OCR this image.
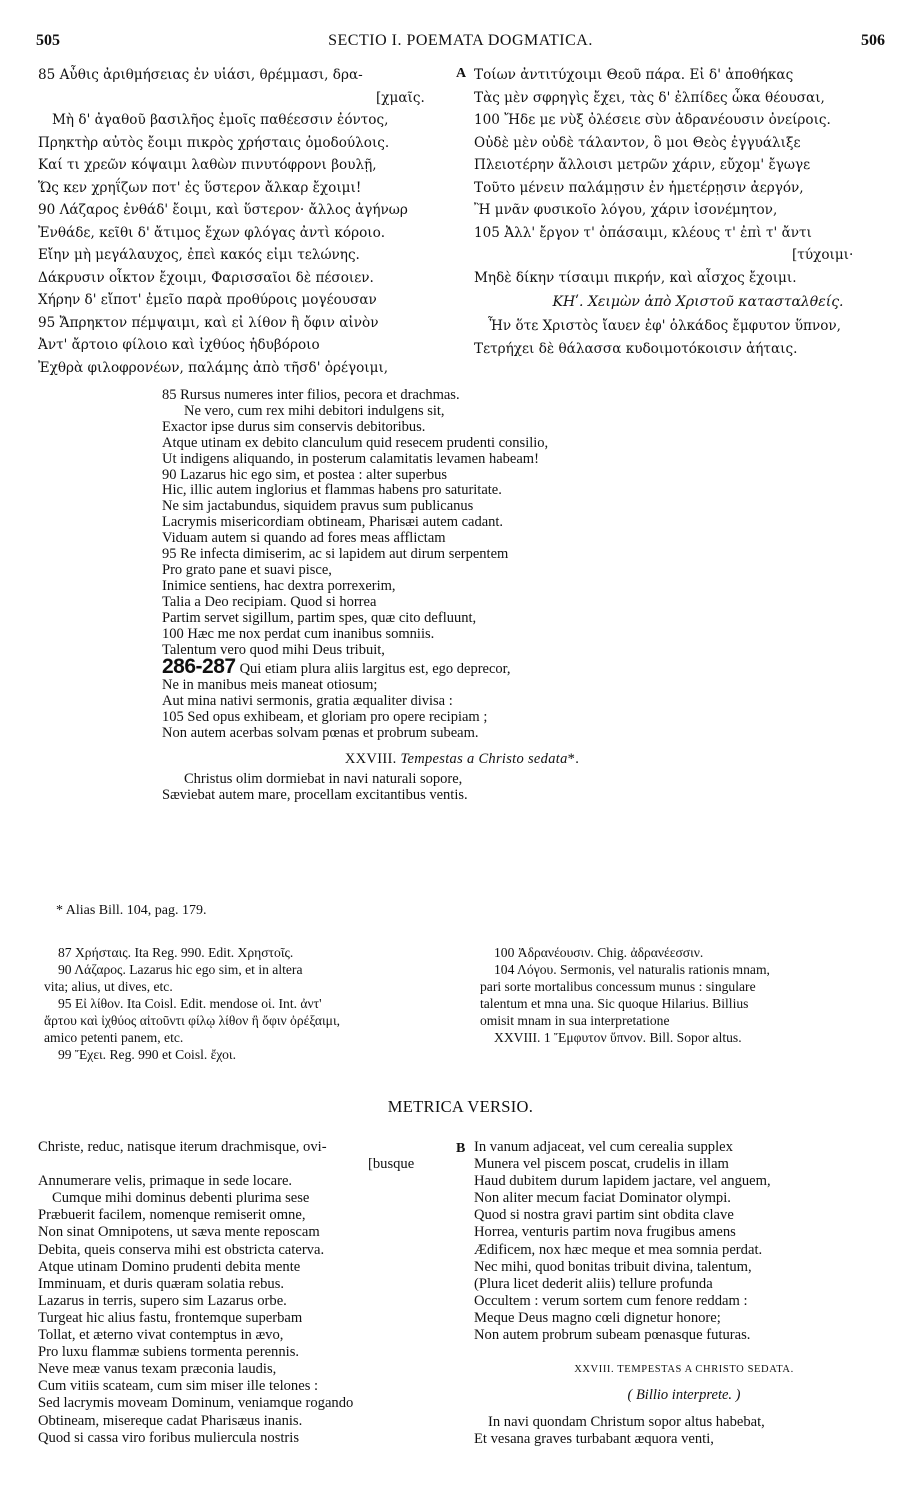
505	SECTIO I. POEMATA DOGMATICA.	506
85 Αὖθις ἀριθμήσειας ἐν υἱάσι, θρέμμασι, δρα-
[χμαῖς.
Μὴ δ' ἀγαθοῦ βασιλῆος ἐμοῖς παθέεσσιν ἐόντος,
Πρηκτὴρ αὐτὸς ἔοιμι πικρὸς χρήσταις ὁμοδούλοις.
Καί τι χρεῶν κόψαιμι λαθὼν πινυτόφρονι βουλῇ,
Ὥς κεν χρηΐζων ποτ' ἐς ὕστερον ἄλκαρ ἔχοιμι!
90 Λάζαρος ἐνθάδ' ἔοιμι, καὶ ὕστερον· ἄλλος ἀγήνωρ
Ἐνθάδε, κεῖθι δ' ἄτιμος ἔχων φλόγας ἀντὶ κόροιο.
Εἴην μὴ μεγάλαυχος, ἐπεὶ κακός εἰμι τελώνης.
Δάκρυσιν οἶκτον ἔχοιμι, Φαρισσαῖοι δὲ πέσοιεν.
Χήρην δ' εἴποτ' ἐμεῖο παρὰ προθύροις μογέουσαν
95 Ἄπρηκτον πέμψαιμι, καὶ εἰ λίθον ἢ ὄφιν αἰνὸν
Ἀντ' ἄρτοιο φίλοιο καὶ ἰχθύος ἡδυβόροιο
Ἐχθρὰ φιλοφρονέων, παλάμης ἀπὸ τῆσδ' ὀρέγοιμι,
A Τοίων ἀντιτύχοιμι Θεοῦ πάρα. Εἰ δ' ἀποθήκας
Τὰς μὲν σφρηγὶς ἔχει, τὰς δ' ἐλπίδες ὦκα θέουσαι,
100 Ἤδε με νὺξ ὀλέσειε σὺν ἀδρανέουσιν ὀνείροις.
Οὐδὲ μὲν οὐδὲ τάλαντον, ὃ μοι Θεὸς ἐγγυάλιξε
Πλειοτέρην ἄλλοισι μετρῶν χάριν, εὔχομ' ἔγωγε
Τοῦτο μένειν παλάμῃσιν ἐν ἡμετέρῃσιν ἀεργόν,
Ἢ μνᾶν φυσικοῖο λόγου, χάριν ἰσονέμητον,
105 Ἀλλ' ἔργον τ' ὀπάσαιμι, κλέους τ' ἐπὶ τ' ἄντι
[τύχοιμι·
Μηδὲ δίκην τίσαιμι πικρήν, καὶ αἶσχος ἔχοιμι.
ΚΗʹ. Χειμὼν ἀπὸ Χριστοῦ κατασταλθείς.
Ἦν ὅτε Χριστὸς ἴαυεν ἐφ' ὁλκάδος ἔμφυτον ὕπνον,
Τετρήχει δὲ θάλασσα κυδοιμοτόκοισιν ἀήταις.
85 Rursus numeres inter filios, pecora et drachmas.
Ne vero, cum rex mihi debitori indulgens sit,
Exactor ipse durus sim conservis debitoribus.
Atque utinam ex debito clanculum quid resecem prudenti consilio,
Ut indigens aliquando, in posterum calamitatis levamen habeam!
90 Lazarus hic ego sim, et postea : alter superbus
Hic, illic autem inglorius et flammas habens pro saturitate.
Ne sim jactabundus, siquidem pravus sum publicanus
Lacrymis misericordiam obtineam, Pharisæi autem cadant.
Viduam autem si quando ad fores meas afflictam
95 Re infecta dimiserim, ac si lapidem aut dirum serpentem
Pro grato pane et suavi pisce,
Inimice sentiens, hac dextra porrexerim,
Talia a Deo recipiam. Quod si horrea
Partim servet sigillum, partim spes, quæ cito defluunt,
100 Hæc me nox perdat cum inanibus somniis.
Talentum vero quod mihi Deus tribuit,
286-287 Qui etiam plura aliis largitus est, ego deprecor,
Ne in manibus meis maneat otiosum;
Aut mina nativi sermonis, gratia æqualiter divisa :
105 Sed opus exhibeam, et gloriam pro opere recipiam ;
Non autem acerbas solvam pœnas et probrum subeam.
XXVIII. Tempestas a Christo sedata*.
Christus olim dormiebat in navi naturali sopore,
Sæviebat autem mare, procellam excitantibus ventis.
* Alias Bill. 104, pag. 179.
87 Χρήσταις. Ita Reg. 990. Edit. Χρηστοῖς.
90 Λάζαρος. Lazarus hic ego sim, et in altera
vita; alius, ut dives, etc.
95 Εἰ λίθον. Ita Coisl. Edit. mendose οἱ. Int. ἀντ'
ἄρτου καὶ ἰχθύος αἰτοῦντι φίλῳ λίθον ἢ ὄφιν ὀρέξαιμι,
amico petenti panem, etc.
99 Ἔχει. Reg. 990 et Coisl. ἔχοι.
100 Ἀδρανέουσιν. Chig. ἀδρανέεσσιν.
104 Λόγου. Sermonis, vel naturalis rationis mnam,
pari sorte mortalibus concessum munus : singulare
talentum et mna una. Sic quoque Hilarius. Billius
omisit mnam in sua interpretatione
XXVIII. 1 Ἔμφυτον ὕπνον. Bill. Sopor altus.
METRICA VERSIO.
Christe, reduc, natisque iterum drachmisque, ovi-
[busque
Annumerare velis, primaque in sede locare.
Cumque mihi dominus debenti plurima sese
Præbuerit facilem, nomenque remiserit omne,
Non sinat Omnipotens, ut sæva mente reposcam
Debita, queis conserva mihi est obstricta caterva.
Atque utinam Domino prudenti debita mente
Imminuam, et duris quæram solatia rebus.
Lazarus in terris, supero sim Lazarus orbe.
Turgeat hic alius fastu, frontemque superbam
Tollat, et æterno vivat contemptus in ævo,
Pro luxu flammæ subiens tormenta perennis.
Neve meæ vanus texam præconia laudis,
Cum vitiis scateam, cum sim miser ille telones :
Sed lacrymis moveam Dominum, veniamque rogando
Obtineam, misereque cadat Pharisæus inanis.
Quod si cassa viro foribus muliercula nostris
B In vanum adjaceat, vel cum cerealia supplex
Munera vel piscem poscat, crudelis in illam
Haud dubitem durum lapidem jactare, vel anguem,
Non aliter mecum faciat Dominator olympi.
Quod si nostra gravi partim sint obdita clave
Horrea, venturis partim nova frugibus amens
Ædificem, nox hæc meque et mea somnia perdat.
Nec mihi, quod bonitas tribuit divina, talentum,
(Plura licet dederit aliis) tellure profunda
Occultem : verum sortem cum fenore reddam :
Meque Deus magno cœli dignetur honore;
Non autem probrum subeam pœnasque futuras.
XXVIII. TEMPESTAS A CHRISTO SEDATA.
( Billio interprete. )
In navi quondam Christum sopor altus habebat,
Et vesana graves turbabant æquora venti,
